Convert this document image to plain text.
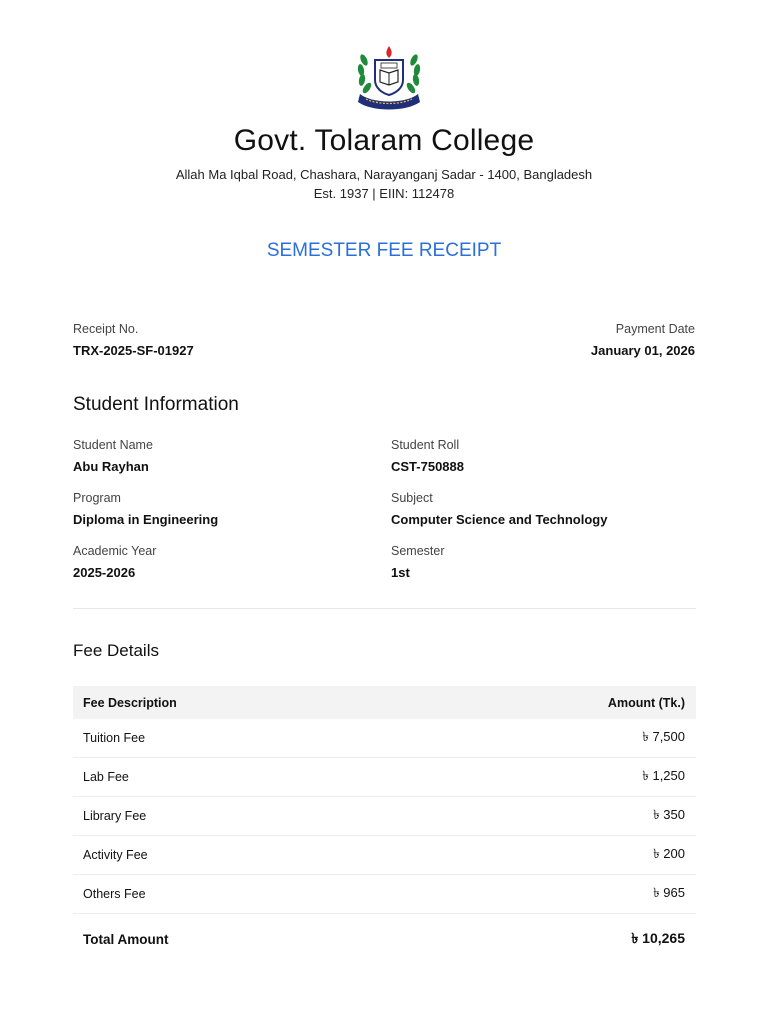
Govt. Tolaram College
Allah Ma Iqbal Road, Chashara, Narayanganj Sadar - 1400, Bangladesh
Est. 1937 | EIIN: 112478
SEMESTER FEE RECEIPT
Receipt No.
TRX-2025-SF-01927
Payment Date
January 01, 2026
Student Information
Student Name
Abu Rayhan
Student Roll
CST-750888
Program
Diploma in Engineering
Subject
Computer Science and Technology
Academic Year
2025-2026
Semester
1st
Fee Details
Fee Description	Amount (Tk.)
Tuition Fee	৳ 7,500
Lab Fee	৳ 1,250
Library Fee	৳ 350
Activity Fee	৳ 200
Others Fee	৳ 965
Total Amount	৳ 10,265
